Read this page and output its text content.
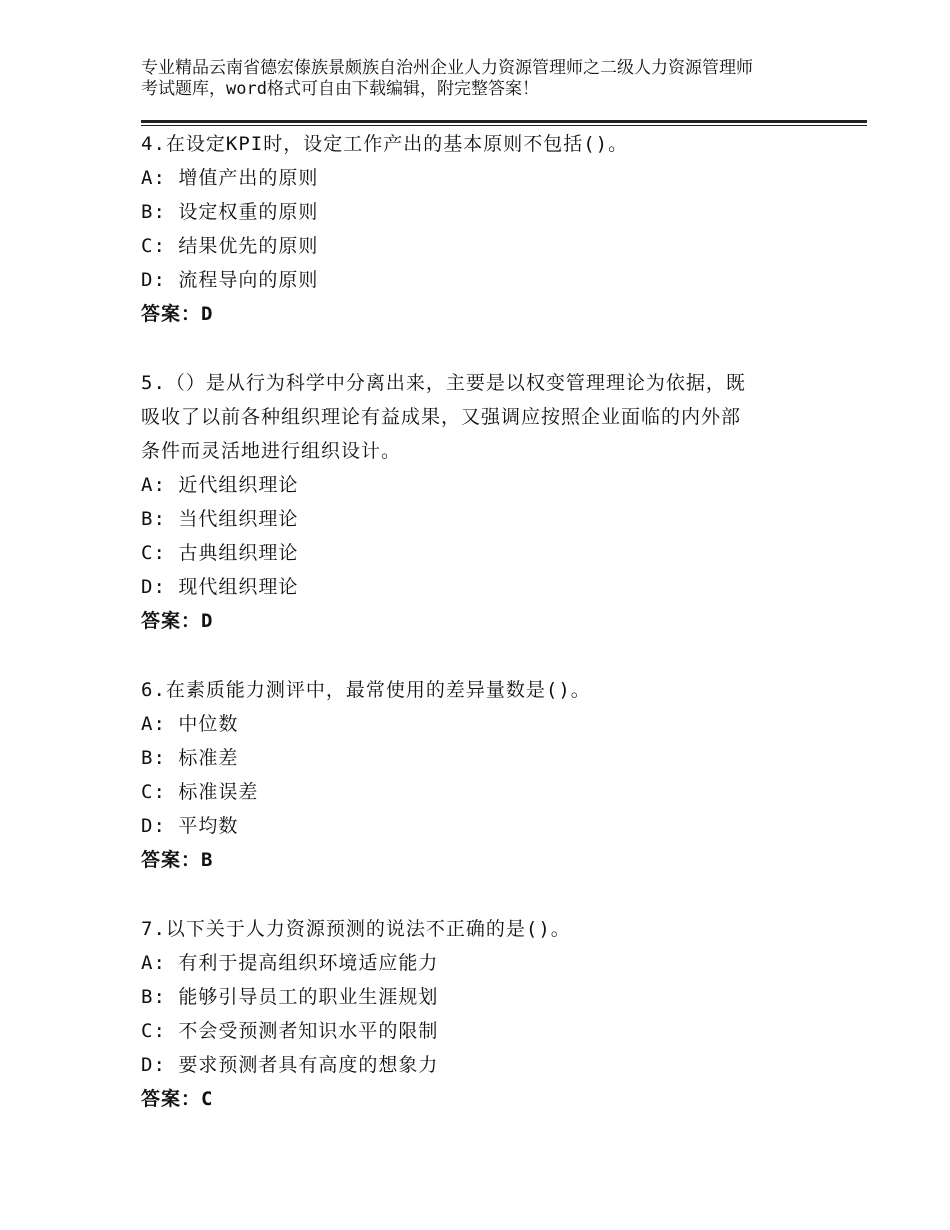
专业精品云南省德宏傣族景颇族自治州企业人力资源管理师之二级人力资源管理师
考试题库，word格式可自由下载编辑，附完整答案！
4.在设定KPI时，设定工作产出的基本原则不包括()。
A: 增值产出的原则
B: 设定权重的原则
C: 结果优先的原则
D: 流程导向的原则
答案：D
5.（）是从行为科学中分离出来，主要是以权变管理理论为依据，既
吸收了以前各种组织理论有益成果，又强调应按照企业面临的内外部
条件而灵活地进行组织设计。
A: 近代组织理论
B: 当代组织理论
C: 古典组织理论
D: 现代组织理论
答案：D
6.在素质能力测评中，最常使用的差异量数是()。
A: 中位数
B: 标准差
C: 标准误差
D: 平均数
答案：B
7.以下关于人力资源预测的说法不正确的是()。
A: 有利于提高组织环境适应能力
B: 能够引导员工的职业生涯规划
C: 不会受预测者知识水平的限制
D: 要求预测者具有高度的想象力
答案：C
